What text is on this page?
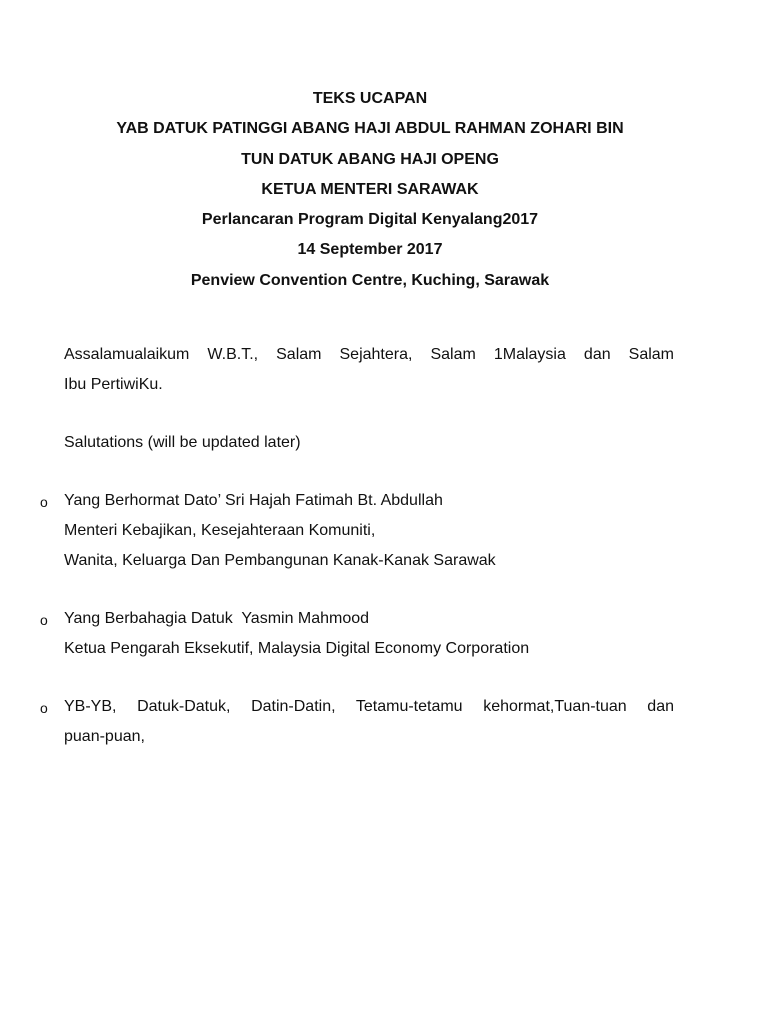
TEKS UCAPAN
YAB DATUK PATINGGI ABANG HAJI ABDUL RAHMAN ZOHARI BIN
TUN DATUK ABANG HAJI OPENG
KETUA MENTERI SARAWAK
Perlancaran Program Digital Kenyalang2017
14 September 2017
Penview Convention Centre, Kuching, Sarawak
Assalamualaikum W.B.T., Salam Sejahtera, Salam 1Malaysia dan Salam
Ibu PertiwiKu.
Salutations (will be updated later)
o Yang Berhormat Dato’ Sri Hajah Fatimah Bt. Abdullah
Menteri Kebajikan, Kesejahteraan Komuniti,
Wanita, Keluarga Dan Pembangunan Kanak-Kanak Sarawak
o Yang Berbahagia Datuk  Yasmin Mahmood
Ketua Pengarah Eksekutif, Malaysia Digital Economy Corporation
o YB-YB, Datuk-Datuk, Datin-Datin, Tetamu-tetamu kehormat,Tuan-tuan dan
puan-puan,
